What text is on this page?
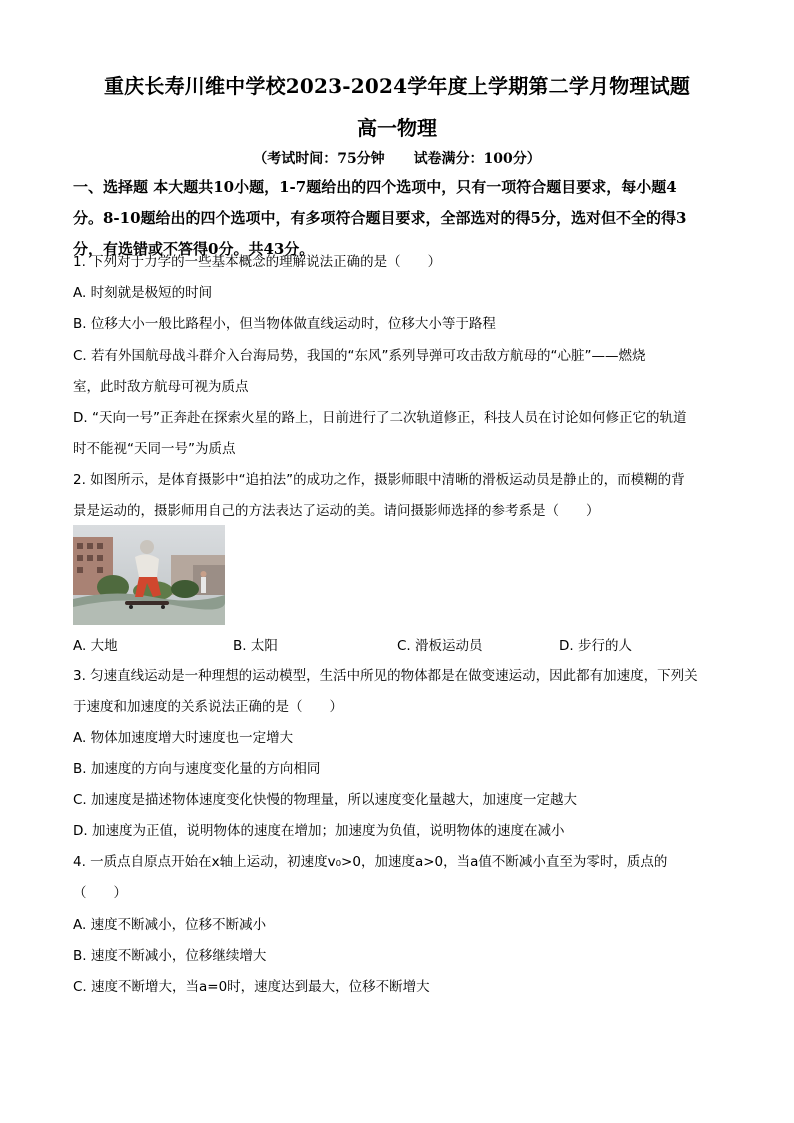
重庆长寿川维中学校2023-2024学年度上学期第二学月物理试题
高一物理
（考试时间：75分钟 试卷满分：100分）
一、选择题 本大题共10小题，1-7题给出的四个选项中，只有一项符合题目要求，每小题4
分。8-10题给出的四个选项中，有多项符合题目要求，全部选对的得5分，选对但不全的得3
分，有选错或不答得0分。共43分。
1. 下列对于力学的一些基本概念的理解说法正确的是（　　）
A. 时刻就是极短的时间
B. 位移大小一般比路程小，但当物体做直线运动时，位移大小等于路程
C. 若有外国航母战斗群介入台海局势，我国的“东风”系列导弹可攻击敌方航母的“心脏”——燃烧
室，此时敌方航母可视为质点
D. “天向一号”正奔赴在探索火星的路上，日前进行了二次轨道修正，科技人员在讨论如何修正它的轨道
时不能视“天同一号”为质点
2. 如图所示，是体育摄影中“追拍法”的成功之作，摄影师眼中清晰的滑板运动员是静止的，而模糊的背
景是运动的，摄影师用自己的方法表达了运动的美。请问摄影师选择的参考系是（　　）
A. 大地	B. 太阳	C. 滑板运动员	D. 步行的人
3. 匀速直线运动是一种理想的运动模型，生活中所见的物体都是在做变速运动，因此都有加速度，下列关
于速度和加速度的关系说法正确的是（　　）
A. 物体加速度增大时速度也一定增大
B. 加速度的方向与速度变化量的方向相同
C. 加速度是描述物体速度变化快慢的物理量，所以速度变化量越大，加速度一定越大
D. 加速度为正值，说明物体的速度在增加；加速度为负值，说明物体的速度在减小
4. 一质点自原点开始在x轴上运动，初速度v₀>0，加速度a>0，当a值不断减小直至为零时，质点的
（　　）
A. 速度不断减小，位移不断减小
B. 速度不断减小，位移继续增大
C. 速度不断增大，当a=0时，速度达到最大，位移不断增大
